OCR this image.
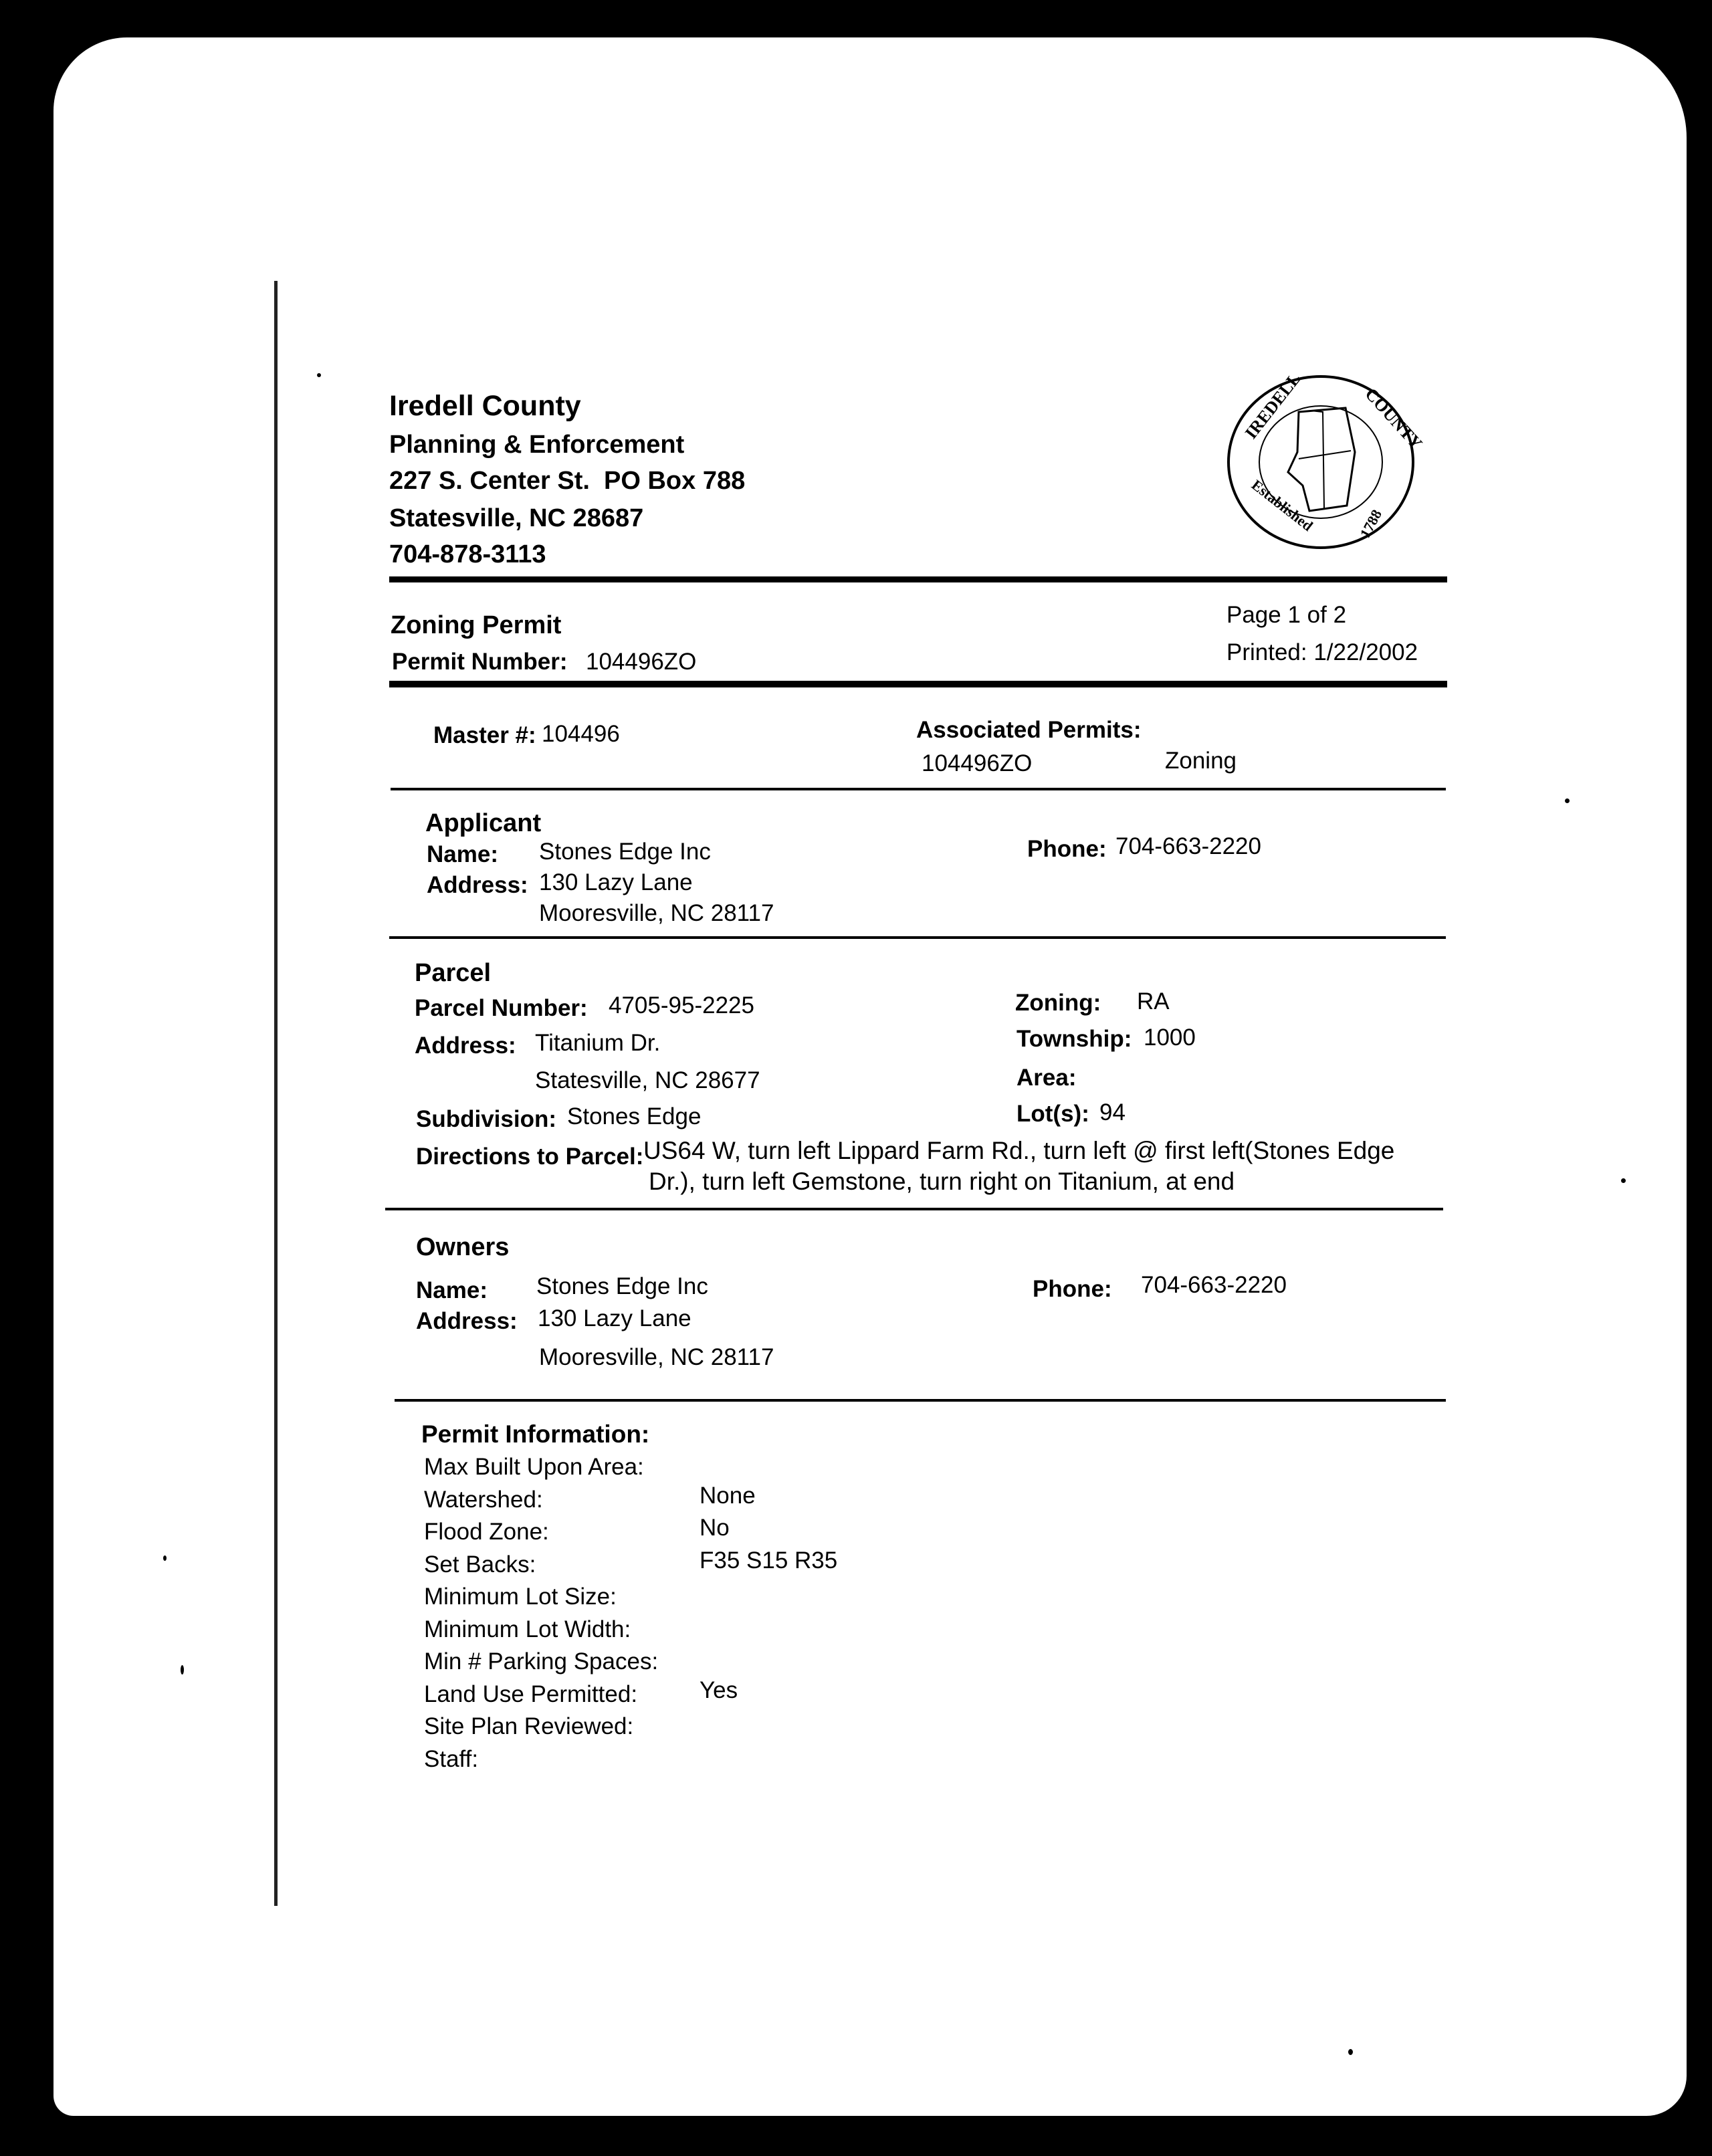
Iredell County
Planning & Enforcement
227 S. Center St.  PO Box 788
Statesville, NC 28687
704-878-3113
IREDELL	COUNTY
Established	1788
Zoning Permit
Permit Number: 104496ZO
Page 1 of 2
Printed: 1/22/2002
Master #: 104496	Associated Permits:
104496ZO	Zoning
Applicant
Name: Stones Edge Inc
Address: 130 Lazy Lane
Mooresville, NC 28117
Phone: 704-663-2220
Parcel
Parcel Number: 4705-95-2225
Address: Titanium Dr.
Statesville, NC 28677
Subdivision: Stones Edge
Zoning: RA
Township: 1000
Area:
Lot(s): 94
Directions to Parcel: US64 W, turn left Lippard Farm Rd., turn left @ first left(Stones Edge
Dr.), turn left Gemstone, turn right on Titanium, at end
Owners
Name: Stones Edge Inc
Address: 130 Lazy Lane
Mooresville, NC 28117
Phone: 704-663-2220
Permit Information:
Max Built Upon Area:
Watershed:	None
Flood Zone:	No
Set Backs:	F35 S15 R35
Minimum Lot Size:
Minimum Lot Width:
Min # Parking Spaces:
Land Use Permitted:	Yes
Site Plan Reviewed:
Staff:
